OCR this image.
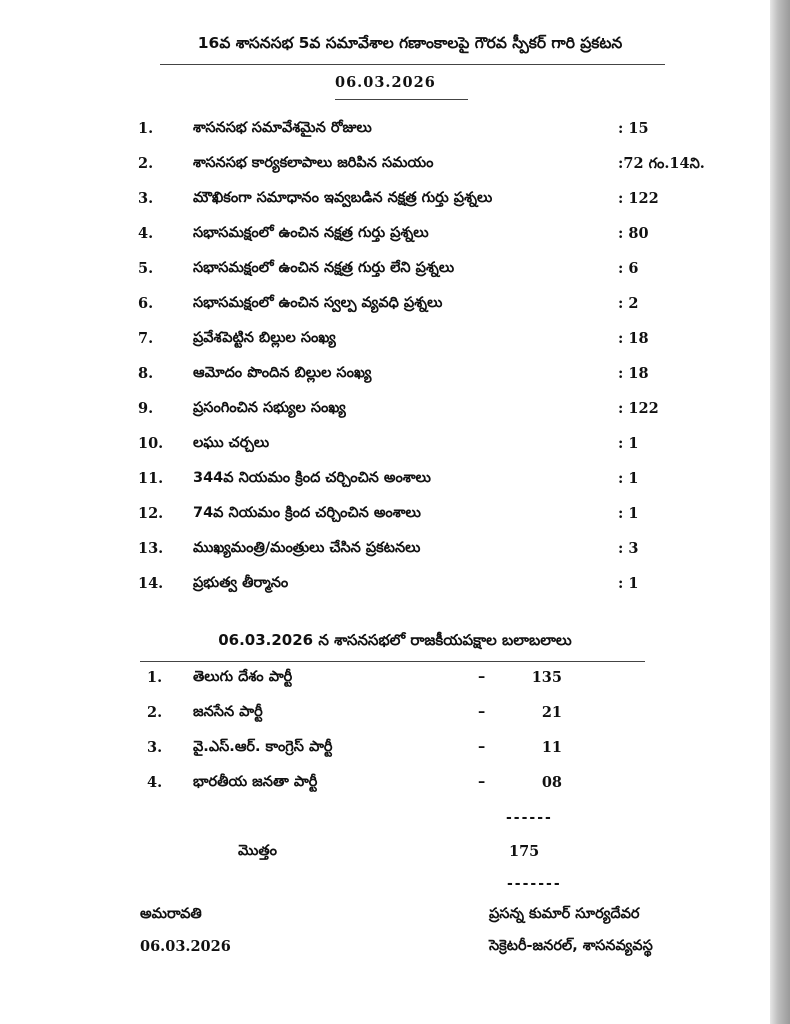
16వ శాసనసభ 5వ సమావేశాల గణాంకాలపై గౌరవ స్పీకర్ గారి ప్రకటన
06.03.2026
1.	శాసనసభ సమావేశమైన రోజులు	: 15
2.	శాసనసభ కార్యకలాపాలు జరిపిన సమయం	:72 గం.14ని.
3.	మౌఖికంగా సమాధానం ఇవ్వబడిన నక్షత్ర గుర్తు ప్రశ్నలు	: 122
4.	సభాసమక్షంలో ఉంచిన నక్షత్ర గుర్తు ప్రశ్నలు	: 80
5.	సభాసమక్షంలో ఉంచిన నక్షత్ర గుర్తు లేని ప్రశ్నలు	: 6
6.	సభాసమక్షంలో ఉంచిన స్వల్ప వ్యవధి ప్రశ్నలు	: 2
7.	ప్రవేశపెట్టిన బిల్లుల సంఖ్య	: 18
8.	ఆమోదం పొందిన బిల్లుల సంఖ్య	: 18
9.	ప్రసంగించిన సభ్యుల సంఖ్య	: 122
10. లఘు చర్చలు	: 1
11. 344వ నియమం క్రింద చర్చించిన అంశాలు	: 1
12. 74వ నియమం క్రింద చర్చించిన అంశాలు	: 1
13. ముఖ్యమంత్రి/మంత్రులు చేసిన ప్రకటనలు	: 3
14. ప్రభుత్వ తీర్మానం	: 1
06.03.2026 న శాసనసభలో రాజకీయపక్షాల బలాబలాలు
1. తెలుగు దేశం పార్టీ	–	135
2. జనసేన పార్టీ	–	21
3. వై.ఎస్.ఆర్. కాంగ్రెస్ పార్టీ	–	11
4. భారతీయ జనతా పార్టీ	–	08
------
మొత్తం	175
-------
అమరావతి
06.03.2026
ప్రసన్న కుమార్ సూర్యదేవర
సెక్రెటరీ-జనరల్, శాసనవ్యవస్థ
